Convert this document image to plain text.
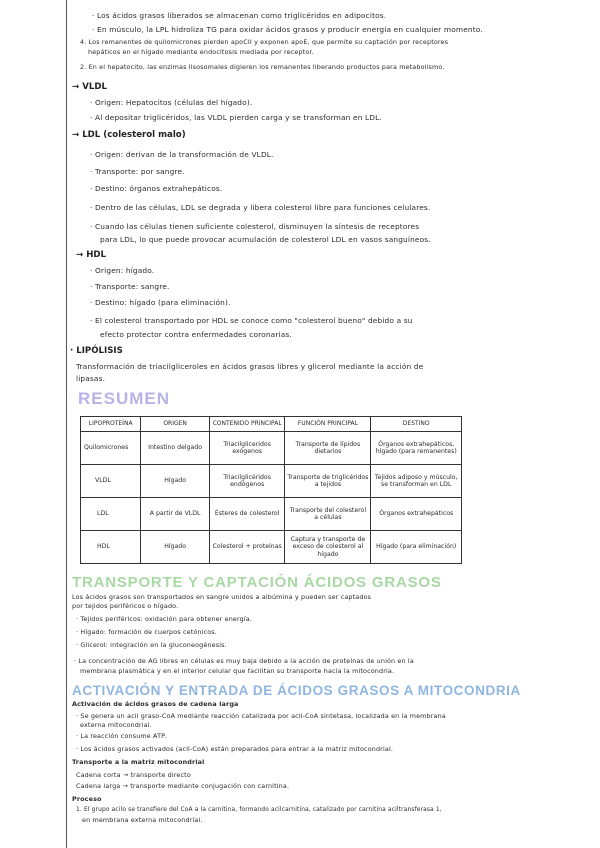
· Los ácidos grasos liberados se almacenan como triglicéridos en adipocitos.
· En músculo, la LPL hidroliza TG para oxidar ácidos grasos y producir energía en cualquier momento.
4. Los remanentes de quilomicrones pierden apoCII y exponen apoE, que permite su captación por receptores
hepáticos en el hígado mediante endocitosis mediada por receptor.
2. En el hepatocito, las enzimas lisosomales digieren los remanentes liberando productos para metabolismo.
→ VLDL
· Origen: Hepatocitos (células del hígado).
· Al depositar triglicéridos, las VLDL pierden carga y se transforman en LDL.
→ LDL (colesterol malo)
· Origen: derivan de la transformación de VLDL.
· Transporte: por sangre.
· Destino: órganos extrahepáticos.
· Dentro de las células, LDL se degrada y libera colesterol libre para funciones celulares.
· Cuando las células tienen suficiente colesterol, disminuyen la síntesis de receptores
para LDL, lo que puede provocar acumulación de colesterol LDL en vasos sanguíneos.
→ HDL
· Origen: hígado.
· Transporte: sangre.
· Destino: hígado (para eliminación).
· El colesterol transportado por HDL se conoce como "colesterol bueno" debido a su
efecto protector contra enfermedades coronarias.
· LIPÓLISIS
Transformación de triacilgliceroles en ácidos grasos libres y glicerol mediante la acción de
lipasas.
RESUMEN
LIPOPROTEÍNA	ORIGEN	CONTENIDO PRINCIPAL	FUNCIÓN PRINCIPAL	DESTINO
Quilomicrones	Intestino delgado	Triacilgliceridos exógenos	Transporte de lípidos dietarios	Órganos extrahepáticos, hígado (para remanentes)
VLDL	Hígado	Triacilglicéridos endógenos	Transporte de triglicéridos a tejidos	Tejidos adiposo y músculo, se transforman en LDL
LDL	A partir de VLDL	Ésteres de colesterol	Transporte del colesterol a células	Órganos extrahepáticos
HDL	Hígado	Colesterol + proteínas	Captura y transporte de exceso de colesterol al hígado	Hígado (para eliminación)
TRANSPORTE Y CAPTACIÓN ÁCIDOS GRASOS
Los ácidos grasos son transportados en sangre unidos a albúmina y pueden ser captados
por tejidos periféricos o hígado.
· Tejidos periféricos: oxidación para obtener energía.
· Hígado: formación de cuerpos cetónicos.
· Glicerol: integración en la gluconeogénesis.
· La concentración de AG libres en células es muy baja debido a la acción de proteínas de unión en la
membrana plasmática y en el interior celular que facilitan su transporte hacia la mitocondria.
ACTIVACIÓN Y ENTRADA DE ÁCIDOS GRASOS A MITOCONDRIA
Activación de ácidos grasos de cadena larga
· Se genera un acil graso-CoA mediante reacción catalizada por acil-CoA sintetasa, localizada en la membrana
externa mitocondrial.
· La reacción consume ATP.
· Los ácidos grasos activados (acil-CoA) están preparados para entrar a la matriz mitocondrial.
Transporte a la matriz mitocondrial
Cadena corta → transporte directo
Cadena larga → transporte mediante conjugación con carnitina.
Proceso
1. El grupo acilo se transfiere del CoA a la carnitina, formando acilcarnitina, catalizado por carnitina aciltransferasa 1,
en membrana externa mitocondrial.
